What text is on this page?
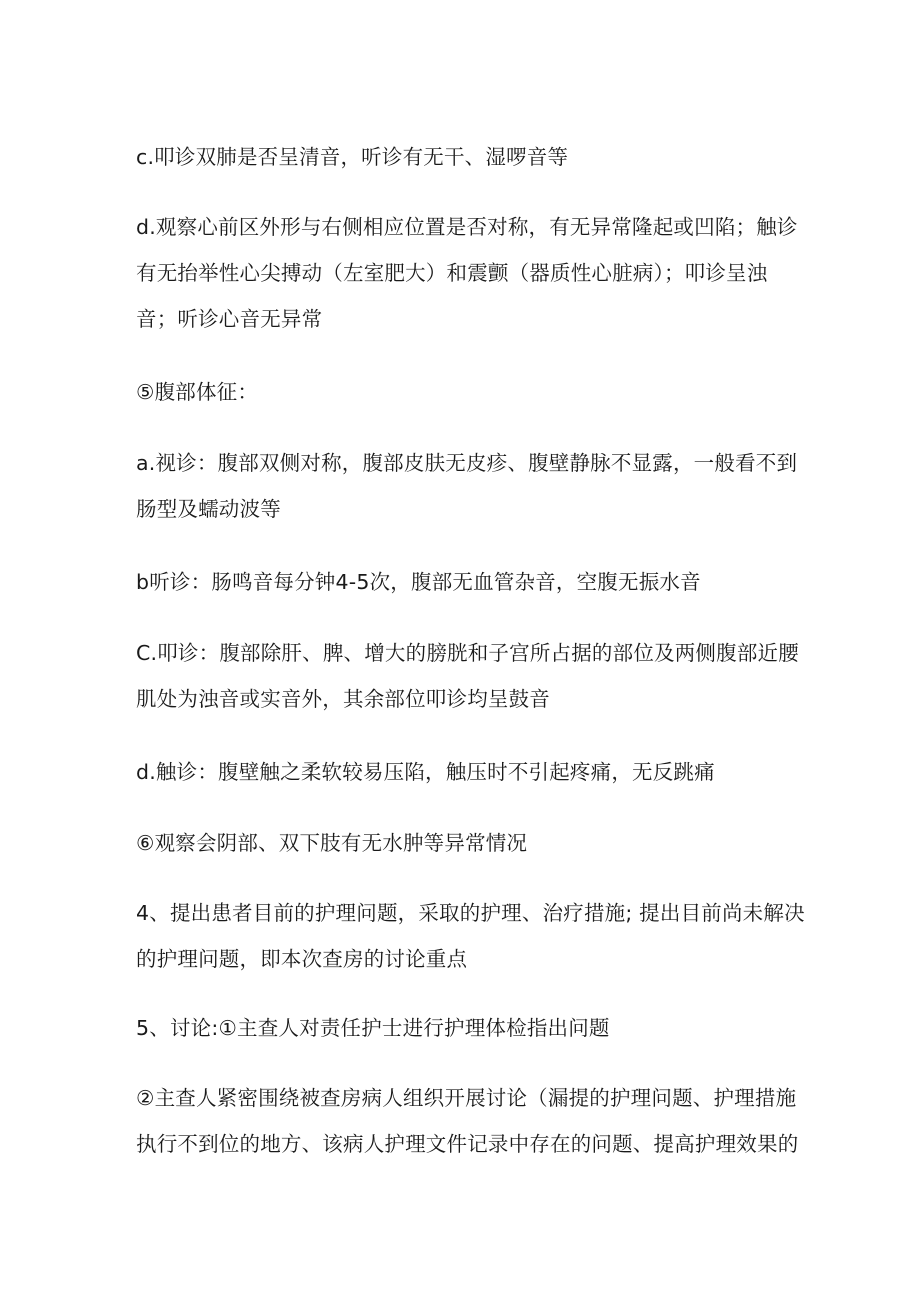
c.叩诊双肺是否呈清音，听诊有无干、湿啰音等

d.观察心前区外形与右侧相应位置是否对称，有无异常隆起或凹陷；触诊
有无抬举性心尖搏动（左室肥大）和震颤（器质性心脏病）；叩诊呈浊
音；听诊心音无异常

⑤腹部体征：

a.视诊：腹部双侧对称，腹部皮肤无皮疹、腹壁静脉不显露，一般看不到
肠型及蠕动波等

b听诊：肠鸣音每分钟4-5次，腹部无血管杂音，空腹无振水音

C.叩诊：腹部除肝、脾、增大的膀胱和子宫所占据的部位及两侧腹部近腰
肌处为浊音或实音外，其余部位叩诊均呈鼓音

d.触诊：腹壁触之柔软较易压陷，触压时不引起疼痛，无反跳痛

⑥观察会阴部、双下肢有无水肿等异常情况

4、提出患者目前的护理问题，采取的护理、治疗措施; 提出目前尚未解决
的护理问题，即本次查房的讨论重点

5、讨论:①主查人对责任护士进行护理体检指出问题

②主查人紧密围绕被查房病人组织开展讨论（漏提的护理问题、护理措施
执行不到位的地方、该病人护理文件记录中存在的问题、提高护理效果的
